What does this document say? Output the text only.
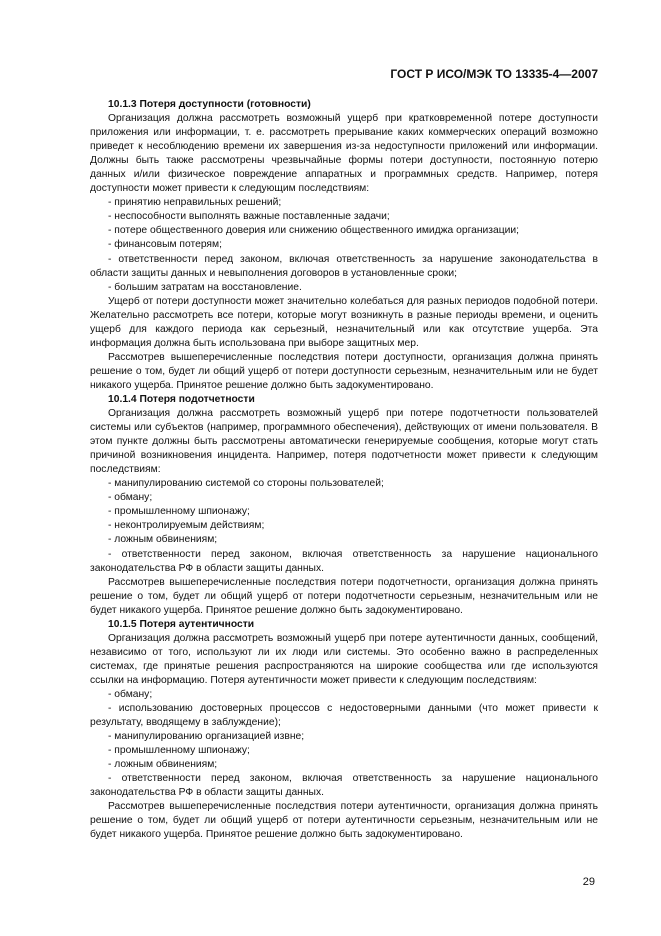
ГОСТ Р ИСО/МЭК ТО 13335-4—2007
10.1.3 Потеря доступности (готовности)

Организация должна рассмотреть возможный ущерб при кратковременной потере доступности приложения или информации, т. е. рассмотреть прерывание каких коммерческих операций возможно приведет к несоблюдению времени их завершения из-за недоступности приложений или информации. Должны быть также рассмотрены чрезвычайные формы потери доступности, постоянную потерю данных и/или физическое повреждение аппаратных и программных средств. Например, потеря доступности может привести к следующим последствиям:

- принятию неправильных решений;
- неспособности выполнять важные поставленные задачи;
- потере общественного доверия или снижению общественного имиджа организации;
- финансовым потерям;
- ответственности перед законом, включая ответственность за нарушение законодательства в области защиты данных и невыполнения договоров в установленные сроки;
- большим затратам на восстановление.

Ущерб от потери доступности может значительно колебаться для разных периодов подобной потери. Желательно рассмотреть все потери, которые могут возникнуть в разные периоды времени, и оценить ущерб для каждого периода как серьезный, незначительный или как отсутствие ущерба. Эта информация должна быть использована при выборе защитных мер.

Рассмотрев вышеперечисленные последствия потери доступности, организация должна принять решение о том, будет ли общий ущерб от потери доступности серьезным, незначительным или не будет никакого ущерба. Принятое решение должно быть задокументировано.

10.1.4 Потеря подотчетности

Организация должна рассмотреть возможный ущерб при потере подотчетности пользователей системы или субъектов (например, программного обеспечения), действующих от имени пользователя. В этом пункте должны быть рассмотрены автоматически генерируемые сообщения, которые могут стать причиной возникновения инцидента. Например, потеря подотчетности может привести к следующим последствиям:

- манипулированию системой со стороны пользователей;
- обману;
- промышленному шпионажу;
- неконтролируемым действиям;
- ложным обвинениям;
- ответственности перед законом, включая ответственность за нарушение национального законодательства РФ в области защиты данных.

Рассмотрев вышеперечисленные последствия потери подотчетности, организация должна принять решение о том, будет ли общий ущерб от потери подотчетности серьезным, незначительным или не будет никакого ущерба. Принятое решение должно быть задокументировано.

10.1.5 Потеря аутентичности

Организация должна рассмотреть возможный ущерб при потере аутентичности данных, сообщений, независимо от того, используют ли их люди или системы. Это особенно важно в распределенных системах, где принятые решения распространяются на широкие сообщества или где используются ссылки на информацию. Потеря аутентичности может привести к следующим последствиям:

- обману;
- использованию достоверных процессов с недостоверными данными (что может привести к результату, вводящему в заблуждение);
- манипулированию организацией извне;
- промышленному шпионажу;
- ложным обвинениям;
- ответственности перед законом, включая ответственность за нарушение национального законодательства РФ в области защиты данных.

Рассмотрев вышеперечисленные последствия потери аутентичности, организация должна принять решение о том, будет ли общий ущерб от потери аутентичности серьезным, незначительным или не будет никакого ущерба. Принятое решение должно быть задокументировано.

29
